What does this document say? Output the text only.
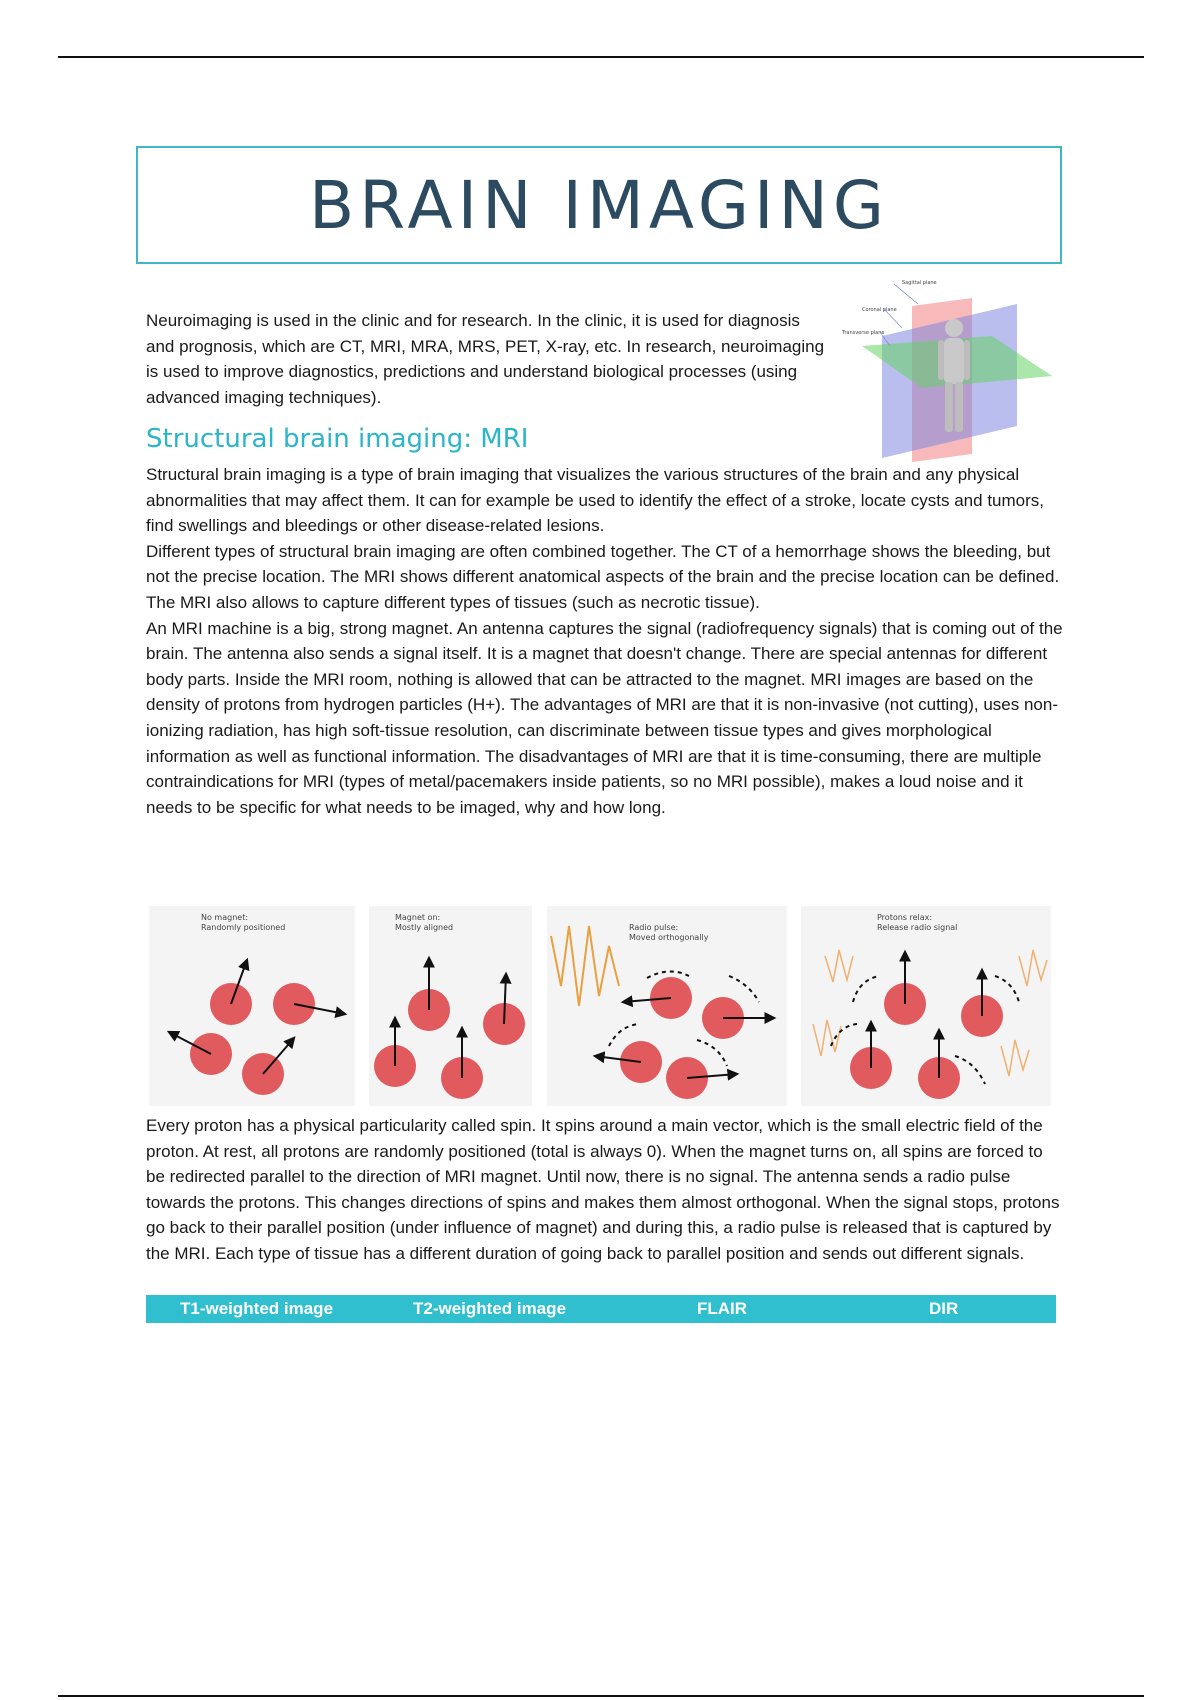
BRAIN IMAGING
Sagittal plane
Coronal plane
Transverse plane
Neuroimaging is used in the clinic and for research. In the clinic, it is used for diagnosis and prognosis, which are CT, MRI, MRA, MRS, PET, X-ray, etc. In research, neuroimaging is used to improve diagnostics, predictions and understand biological processes (using advanced imaging techniques).
Structural brain imaging: MRI

Structural brain imaging is a type of brain imaging that visualizes the various structures of the brain and any physical abnormalities that may affect them. It can for example be used to identify the effect of a stroke, locate cysts and tumors, find swellings and bleedings or other disease-related lesions.

Different types of structural brain imaging are often combined together. The CT of a hemorrhage shows the bleeding, but not the precise location. The MRI shows different anatomical aspects of the brain and the precise location can be defined. The MRI also allows to capture different types of tissues (such as necrotic tissue).

An MRI machine is a big, strong magnet. An antenna captures the signal (radiofrequency signals) that is coming out of the brain. The antenna also sends a signal itself. It is a magnet that doesn't change. There are special antennas for different body parts. Inside the MRI room, nothing is allowed that can be attracted to the magnet. MRI images are based on the density of protons from hydrogen particles (H+). The advantages of MRI are that it is non-invasive (not cutting), uses non-ionizing radiation, has high soft-tissue resolution, can discriminate between tissue types and gives morphological information as well as functional information. The disadvantages of MRI are that it is time-consuming, there are multiple contraindications for MRI (types of metal/pacemakers inside patients, so no MRI possible), makes a loud noise and it needs to be specific for what needs to be imaged, why and how long.

No magnet:
Randomly positioned
Magnet on:
Mostly aligned	Radio pulse:
Moved orthogonally
Protons relax:
Release radio signal
Every proton has a physical particularity called spin. It spins around a main vector, which is the small electric field of the proton. At rest, all protons are randomly positioned (total is always 0). When the magnet turns on, all spins are forced to be redirected parallel to the direction of MRI magnet. Until now, there is no signal. The antenna sends a radio pulse towards the protons. This changes directions of spins and makes them almost orthogonal. When the signal stops, protons go back to their parallel position (under influence of magnet) and during this, a radio pulse is released that is captured by the MRI. Each type of tissue has a different duration of going back to parallel position and sends out different signals.
T1-weighted image	T2-weighted image	FLAIR	DIR
